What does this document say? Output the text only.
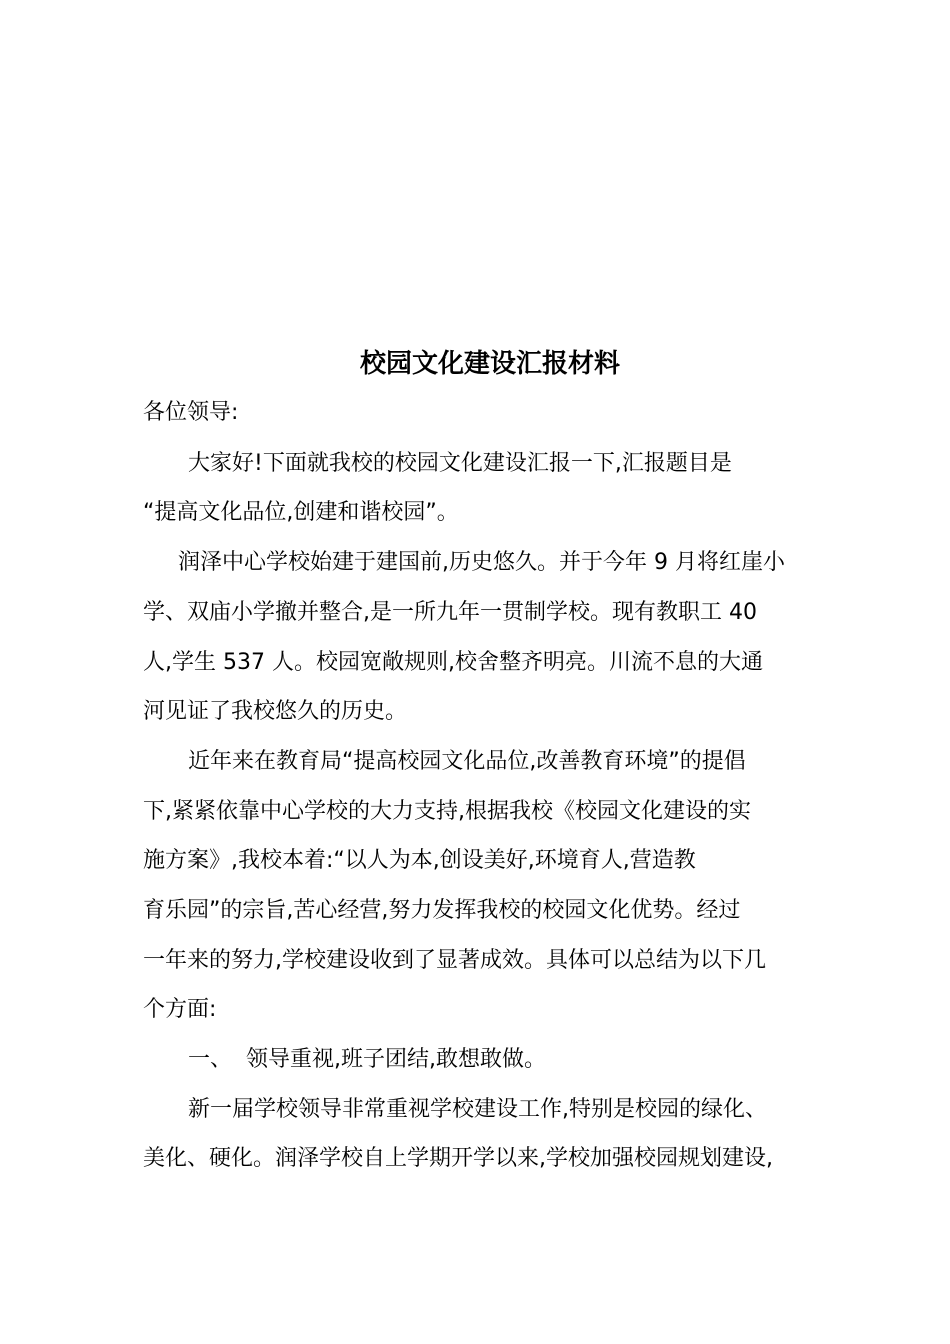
校园文化建设汇报材料
各位领导:
大家好!下面就我校的校园文化建设汇报一下,汇报题目是
“提高文化品位,创建和谐校园”。
润泽中心学校始建于建国前,历史悠久。并于今年 9 月将红崖小
学、双庙小学撤并整合,是一所九年一贯制学校。现有教职工 40
人,学生 537 人。校园宽敞规则,校舍整齐明亮。川流不息的大通
河见证了我校悠久的历史。
近年来在教育局“提高校园文化品位,改善教育环境”的提倡
下,紧紧依靠中心学校的大力支持,根据我校《校园文化建设的实
施方案》,我校本着:“以人为本,创设美好,环境育人,营造教
育乐园”的宗旨,苦心经营,努力发挥我校的校园文化优势。经过
一年来的努力,学校建设收到了显著成效。具体可以总结为以下几
个方面:
一、 领导重视,班子团结,敢想敢做。
新一届学校领导非常重视学校建设工作,特别是校园的绿化、
美化、硬化。润泽学校自上学期开学以来,学校加强校园规划建设,
